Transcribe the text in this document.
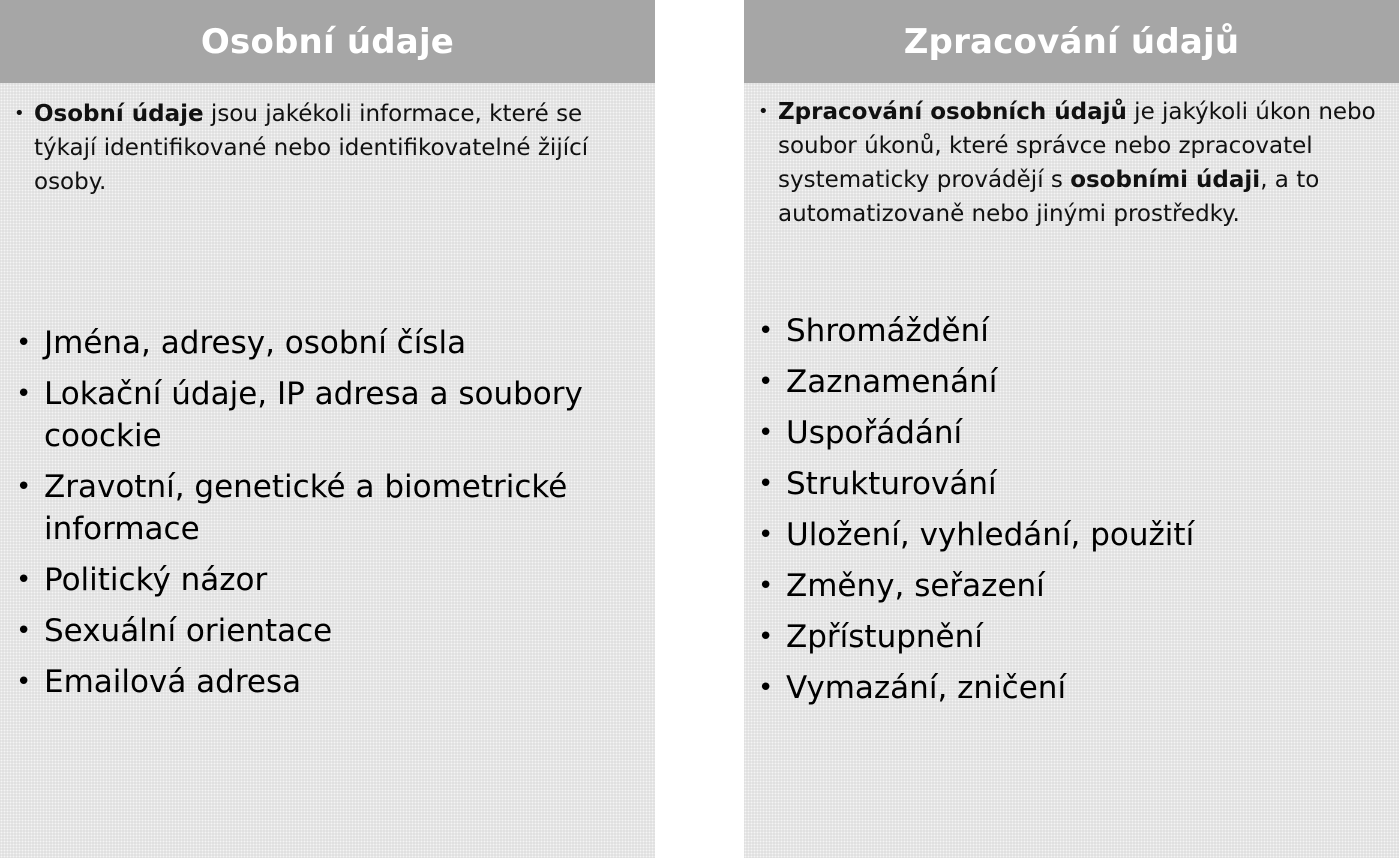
Osobní údaje
• Osobní údaje jsou jakékoli informace, které se týkají identifikované nebo identifikovatelné žijící osoby.
• Jména, adresy, osobní čísla
• Lokační údaje, IP adresa a soubory coockie
• Zravotní, genetické a biometrické informace
• Politický názor
• Sexuální orientace
• Emailová adresa
Zpracování údajů
• Zpracování osobních údajů je jakýkoli úkon nebo soubor úkonů, které správce nebo zpracovatel systematicky provádějí s osobními údaji, a to automatizovaně nebo jinými prostředky.
• Shromáždění
• Zaznamenání
• Uspořádání
• Strukturování
• Uložení, vyhledání, použití
• Změny, seřazení
• Zpřístupnění
• Vymazání, zničení
